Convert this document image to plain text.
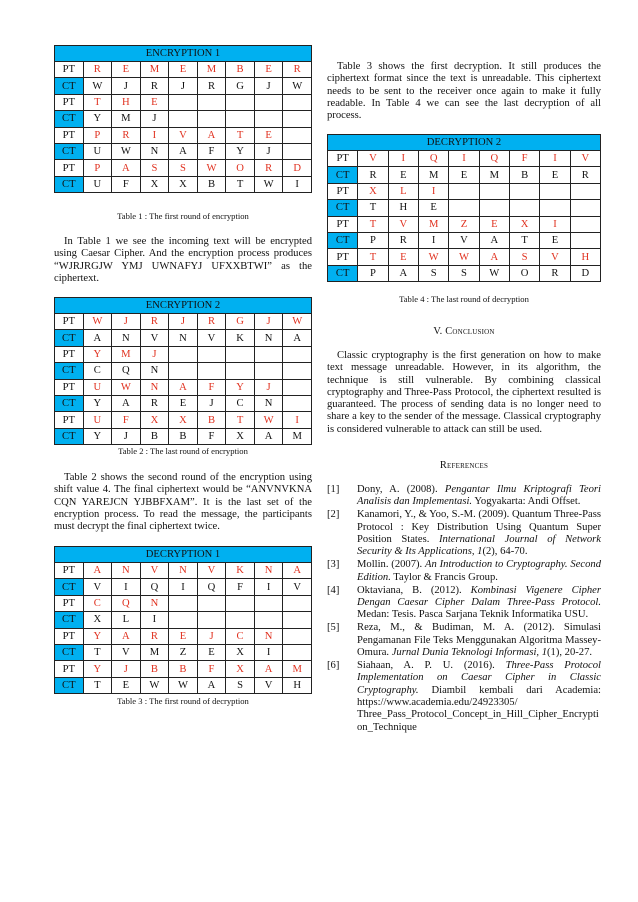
ENCRYPTION 1								
PT	R	E	M	E	M	B	E	R
CT	W	J	R	J	R	G	J	W
PT	T	H	E					
CT	Y	M	J					
PT	P	R	I	V	A	T	E	
CT	U	W	N	A	F	Y	J	
PT	P	A	S	S	W	O	R	D
CT	U	F	X	X	B	T	W	I
Table 1 : The first round of encryption

In Table 1 we see the incoming text will be encrypted using Caesar Cipher. And the encryption process produces “WJRJRGJW YMJ UWNAFYJ UFXXBTWI” as the ciphertext.

ENCRYPTION 2								
PT	W	J	R	J	R	G	J	W
CT	A	N	V	N	V	K	N	A
PT	Y	M	J					
CT	C	Q	N					
PT	U	W	N	A	F	Y	J	
CT	Y	A	R	E	J	C	N	
PT	U	F	X	X	B	T	W	I
CT	Y	J	B	B	F	X	A	M
Table 2 : The last round of encryption

Table 2 shows the second round of the encryption using shift value 4. The final ciphertext would be “ANVNVKNA CQN YAREJCN YJBBFXAM”. It is the last set of the encryption process. To read the message, the participants must decrypt the final ciphertext twice.

DECRYPTION 1								
PT	A	N	V	N	V	K	N	A
CT	V	I	Q	I	Q	F	I	V
PT	C	Q	N					
CT	X	L	I					
PT	Y	A	R	E	J	C	N	
CT	T	V	M	Z	E	X	I	
PT	Y	J	B	B	F	X	A	M
CT	T	E	W	W	A	S	V	H
Table 3 : The first round of decryption

Table 3 shows the first decryption. It still produces the ciphertext format since the text is unreadable. This ciphertext needs to be sent to the receiver once again to make it fully readable. In Table 4 we can see the last decryption of all process.

DECRYPTION 2								
PT	V	I	Q	I	Q	F	I	V
CT	R	E	M	E	M	B	E	R
PT	X	L	I					
CT	T	H	E					
PT	T	V	M	Z	E	X	I	
CT	P	R	I	V	A	T	E	
PT	T	E	W	W	A	S	V	H
CT	P	A	S	S	W	O	R	D
Table 4 : The last round of decryption
V. Conclusion

Classic cryptography is the first generation on how to make text message unreadable. However, in its algorithm, the technique is still vulnerable. By combining classical cryptography and Three-Pass Protocol, the ciphertext resulted is guaranteed. The process of sending data is no longer need to share a key to the sender of the message. Classical cryptography is considered vulnerable to attack can still be used.

References
[1] Dony, A. (2008). Pengantar Ilmu Kriptografi Teori Analisis dan Implementasi. Yogyakarta: Andi Offset.
[2] Kanamori, Y., & Yoo, S.-M. (2009). Quantum Three-Pass Protocol : Key Distribution Using Quantum Super Position States. International Journal of Network Security & Its Applications, 1(2), 64-70.
[3] Mollin. (2007). An Introduction to Cryptography. Second Edition. Taylor & Francis Group.
[4] Oktaviana, B. (2012). Kombinasi Vigenere Cipher Dengan Caesar Cipher Dalam Three-Pass Protocol. Medan: Tesis. Pasca Sarjana Teknik Informatika USU.
[5] Reza, M., & Budiman, M. A. (2012). Simulasi Pengamanan File Teks Menggunakan Algoritma Massey-Omura. Jurnal Dunia Teknologi Informasi, 1(1), 20-27.
[6] Siahaan, A. P. U. (2016). Three-Pass Protocol Implementation on Caesar Cipher in Classic Cryptography. Diambil kembali dari Academia: https://www.academia.edu/24923305/ Three_Pass_Protocol_Concept_in_Hill_Cipher_Encrypti on_Technique
